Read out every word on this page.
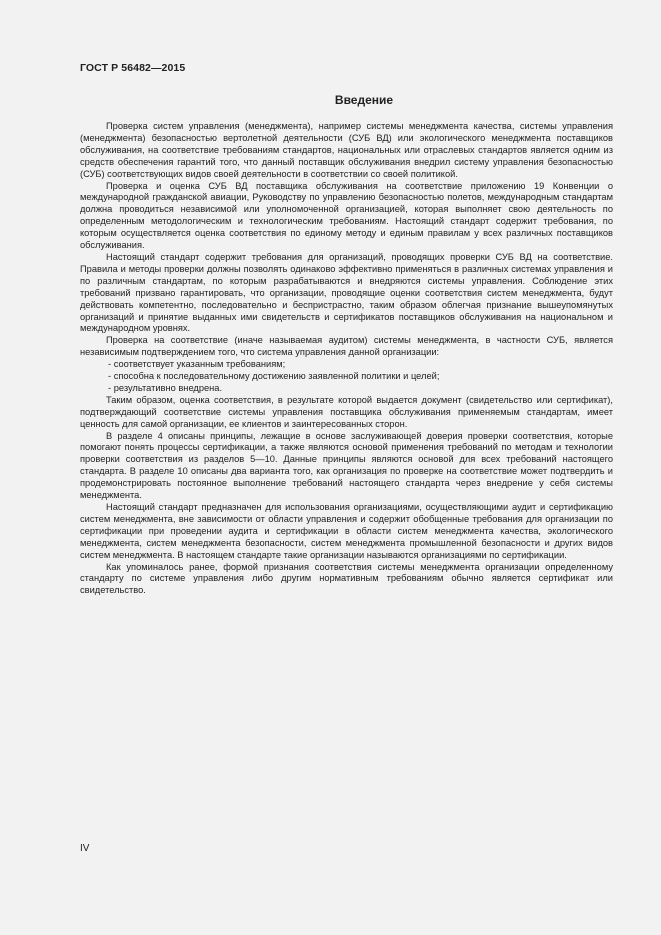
ГОСТ Р 56482—2015
Введение

Проверка систем управления (менеджмента), например системы менеджмента качества, системы управления (менеджмента) безопасностью вертолетной деятельности (СУБ ВД) или экологического менеджмента поставщиков обслуживания, на соответствие требованиям стандартов, национальных или отраслевых стандартов является одним из средств обеспечения гарантий того, что данный поставщик обслуживания внедрил систему управления безопасностью (СУБ) соответствующих видов своей деятельности в соответствии со своей политикой.

Проверка и оценка СУБ ВД поставщика обслуживания на соответствие приложению 19 Конвенции о международной гражданской авиации, Руководству по управлению безопасностью полетов, международным стандартам должна проводиться независимой или уполномоченной организацией, которая выполняет свою деятельность по определенным методологическим и технологическим требованиям. Настоящий стандарт содержит требования, по которым осуществляется оценка соответствия по единому методу и единым правилам у всех различных поставщиков обслуживания.

Настоящий стандарт содержит требования для организаций, проводящих проверки СУБ ВД на соответствие. Правила и методы проверки должны позволять одинаково эффективно применяться в различных системах управления и по различным стандартам, по которым разрабатываются и внедряются системы управления. Соблюдение этих требований призвано гарантировать, что организации, проводящие оценки соответствия систем менеджмента, будут действовать компетентно, последовательно и беспристрастно, таким образом облегчая признание вышеупомянутых организаций и принятие выданных ими свидетельств и сертификатов поставщиков обслуживания на национальном и международном уровнях.

Проверка на соответствие (иначе называемая аудитом) системы менеджмента, в частности СУБ, является независимым подтверждением того, что система управления данной организации:

- соответствует указанным требованиям;
- способна к последовательному достижению заявленной политики и целей;
- результативно внедрена.

Таким образом, оценка соответствия, в результате которой выдается документ (свидетельство или сертификат), подтверждающий соответствие системы управления поставщика обслуживания применяемым стандартам, имеет ценность для самой организации, ее клиентов и заинтересованных сторон.

В разделе 4 описаны принципы, лежащие в основе заслуживающей доверия проверки соответствия, которые помогают понять процессы сертификации, а также являются основой применения требований по методам и технологии проверки соответствия из разделов 5—10. Данные принципы являются основой для всех требований настоящего стандарта. В разделе 10 описаны два варианта того, как организация по проверке на соответствие может подтвердить и продемонстрировать постоянное выполнение требований настоящего стандарта через внедрение у себя системы менеджмента.

Настоящий стандарт предназначен для использования организациями, осуществляющими аудит и сертификацию систем менеджмента, вне зависимости от области управления и содержит обобщенные требования для организации по сертификации при проведении аудита и сертификации в области систем менеджмента качества, экологического менеджмента, систем менеджмента безопасности, систем менеджмента промышленной безопасности и других видов систем менеджмента. В настоящем стандарте такие организации называются организациями по сертификации.

Как упоминалось ранее, формой признания соответствия системы менеджмента организации определенному стандарту по системе управления либо другим нормативным требованиям обычно является сертификат или свидетельство.

IV
